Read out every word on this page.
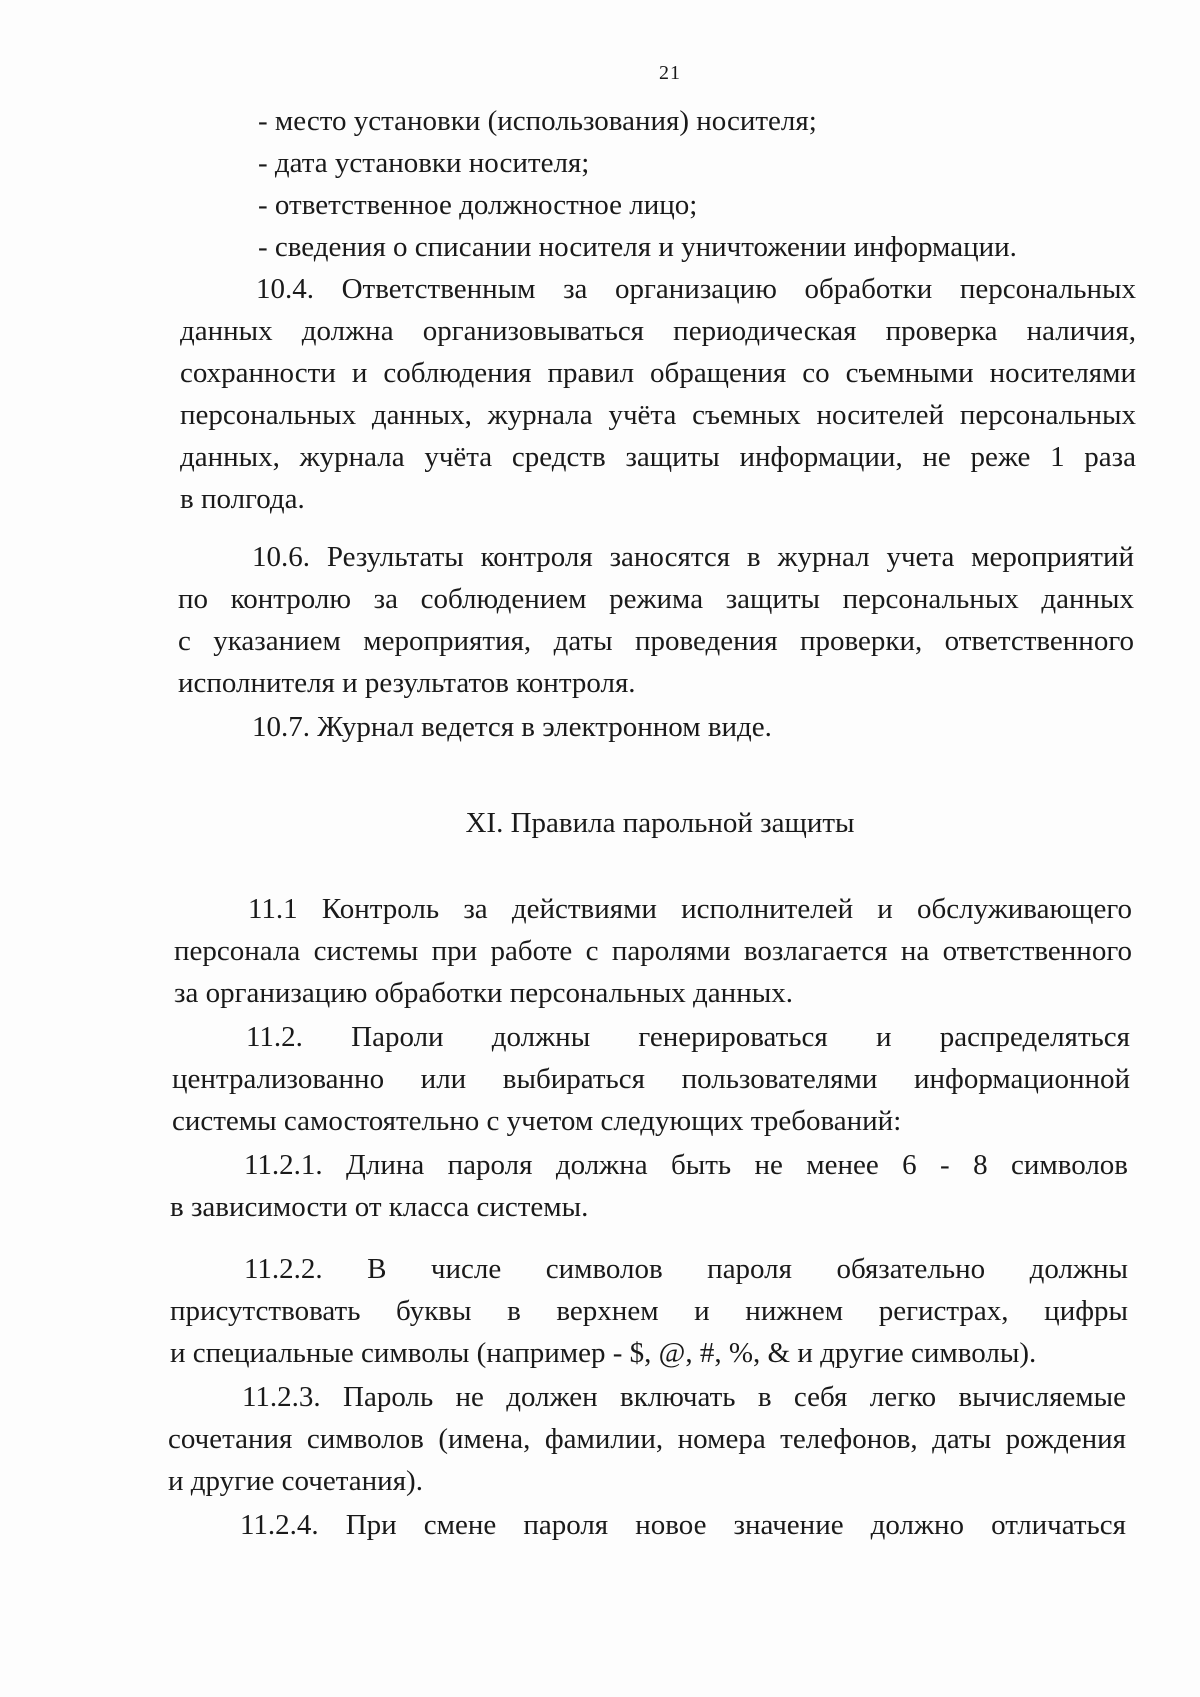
21
- место установки (использования) носителя;
- дата установки носителя;
- ответственное должностное лицо;
- сведения о списании носителя и уничтожении информации.
10.4. Ответственным за организацию обработки персональных
данных должна организовываться периодическая проверка наличия,
сохранности и соблюдения правил обращения со съемными носителями
персональных данных, журнала учёта съемных носителей персональных
данных, журнала учёта средств защиты информации, не реже 1 раза
в полгода.
10.6. Результаты контроля заносятся в журнал учета мероприятий
по контролю за соблюдением режима защиты персональных данных
с указанием мероприятия, даты проведения проверки, ответственного
исполнителя и результатов контроля.
10.7. Журнал ведется в электронном виде.
XI. Правила парольной защиты
11.1 Контроль за действиями исполнителей и обслуживающего
персонала системы при работе с паролями возлагается на ответственного
за организацию обработки персональных данных.
11.2. Пароли должны генерироваться и распределяться
централизованно или выбираться пользователями информационной
системы самостоятельно с учетом следующих требований:
11.2.1. Длина пароля должна быть не менее 6 - 8 символов
в зависимости от класса системы.
11.2.2. В числе символов пароля обязательно должны
присутствовать буквы в верхнем и нижнем регистрах, цифры
и специальные символы (например - $, @, #, %, & и другие символы).
11.2.3. Пароль не должен включать в себя легко вычисляемые
сочетания символов (имена, фамилии, номера телефонов, даты рождения
и другие сочетания).
11.2.4. При смене пароля новое значение должно отличаться
